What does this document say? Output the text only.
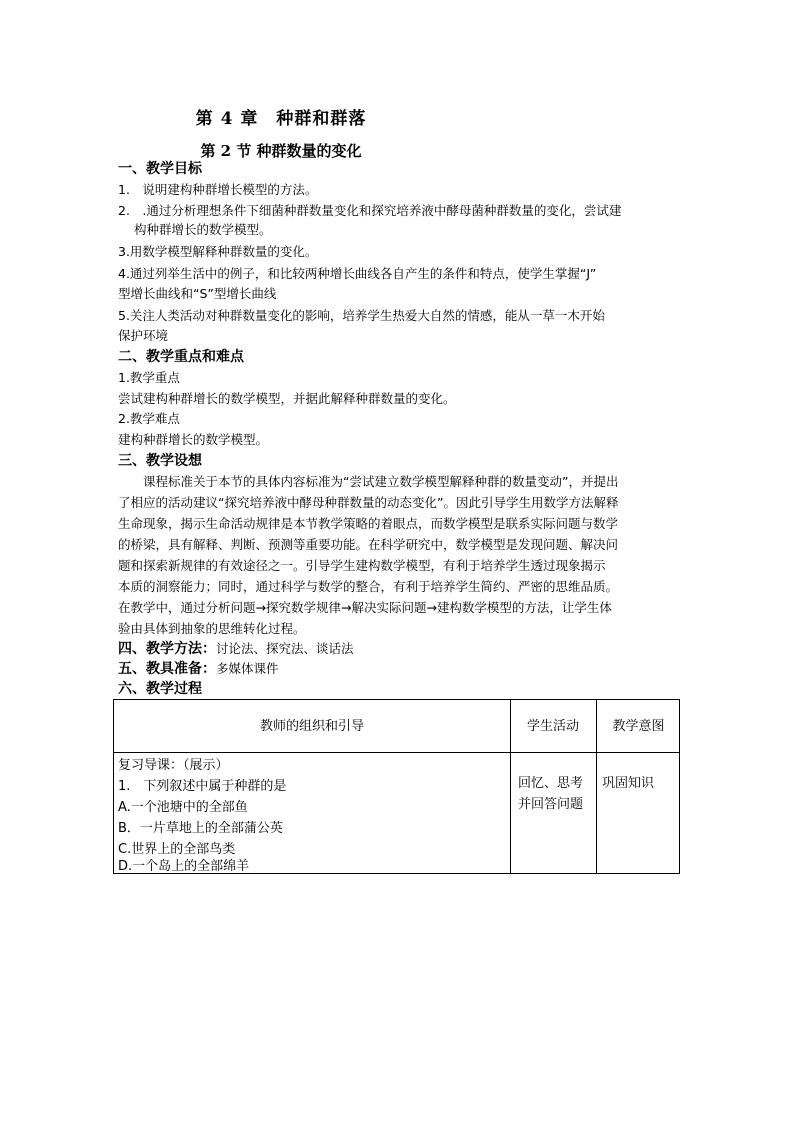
第 4 章　种群和群落
第 2 节 种群数量的变化
一、教学目标
1.　说明建构种群增长模型的方法。
2.　.通过分析理想条件下细菌种群数量变化和探究培养液中酵母菌种群数量的变化，尝试建
构种群增长的数学模型。
3.用数学模型解释种群数量的变化。
4.通过列举生活中的例子，和比较两种增长曲线各自产生的条件和特点，使学生掌握“J”
型增长曲线和“S”型增长曲线
5.关注人类活动对种群数量变化的影响，培养学生热爱大自然的情感，能从一草一木开始
保护环境
二、教学重点和难点
1.教学重点
尝试建构种群增长的数学模型，并据此解释种群数量的变化。
2.教学难点
建构种群增长的数学模型。
三、教学设想
　　课程标准关于本节的具体内容标准为“尝试建立数学模型解释种群的数量变动”，并提出
了相应的活动建议“探究培养液中酵母种群数量的动态变化”。因此引导学生用数学方法解释
生命现象，揭示生命活动规律是本节教学策略的着眼点，而数学模型是联系实际问题与数学
的桥梁，具有解释、判断、预测等重要功能。在科学研究中，数学模型是发现问题、解决问
题和探索新规律的有效途径之一。引导学生建构数学模型，有利于培养学生透过现象揭示
本质的洞察能力；同时，通过科学与数学的整合，有利于培养学生简约、严密的思维品质。
在教学中，通过分析问题→探究数学规律→解决实际问题→建构数学模型的方法，让学生体
验由具体到抽象的思维转化过程。
四、教学方法：讨论法、探究法、谈话法
五、教具准备：多媒体课件
六、教学过程
教师的组织和引导	学生活动	教学意图
复习导课：（展示）
1.　下列叙述中属于种群的是
A.一个池塘中的全部鱼
B．一片草地上的全部蒲公英
C.世界上的全部鸟类
D.一个岛上的全部绵羊
回忆、思考
并回答问题
巩固知识
